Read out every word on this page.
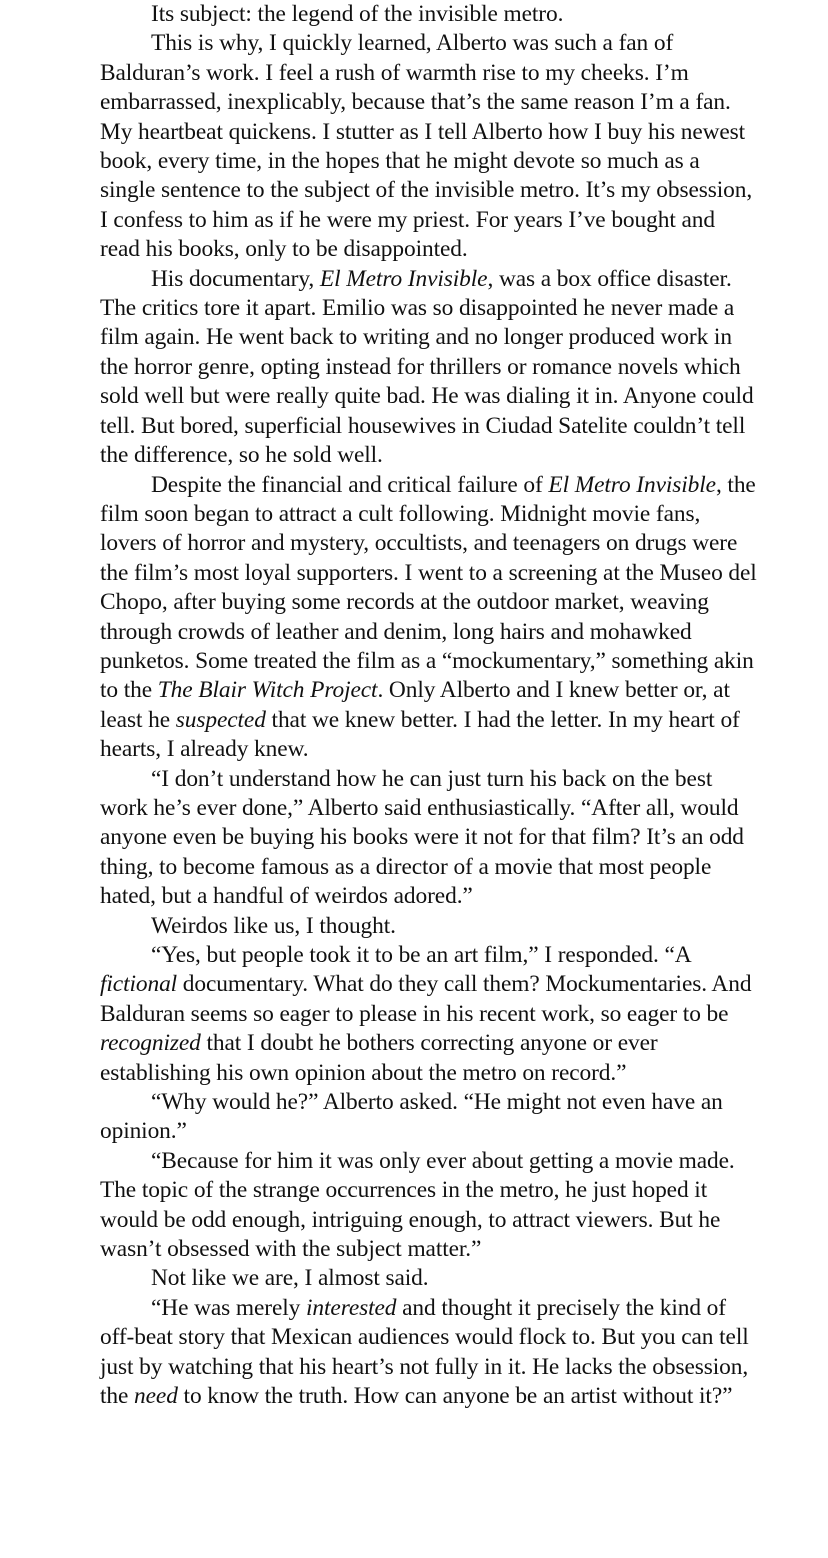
Its subject: the legend of the invisible metro.

This is why, I quickly learned, Alberto was such a fan of Balduran’s work. I feel a rush of warmth rise to my cheeks. I’m embarrassed, inexplicably, because that’s the same reason I’m a fan. My heartbeat quickens. I stutter as I tell Alberto how I buy his newest book, every time, in the hopes that he might devote so much as a single sentence to the subject of the invisible metro. It’s my obsession, I confess to him as if he were my priest. For years I’ve bought and read his books, only to be disappointed.

His documentary, El Metro Invisible, was a box office disaster. The critics tore it apart. Emilio was so disappointed he never made a film again. He went back to writing and no longer produced work in the horror genre, opting instead for thrillers or romance novels which sold well but were really quite bad. He was dialing it in. Anyone could tell. But bored, superficial housewives in Ciudad Satelite couldn’t tell the difference, so he sold well.

Despite the financial and critical failure of El Metro Invisible, the film soon began to attract a cult following. Midnight movie fans, lovers of horror and mystery, occultists, and teenagers on drugs were the film’s most loyal supporters. I went to a screening at the Museo del Chopo, after buying some records at the outdoor market, weaving through crowds of leather and denim, long hairs and mohawked punketos. Some treated the film as a “mockumentary,” something akin to the The Blair Witch Project. Only Alberto and I knew better or, at least he suspected that we knew better. I had the letter. In my heart of hearts, I already knew.

“I don’t understand how he can just turn his back on the best work he’s ever done,” Alberto said enthusiastically. “After all, would anyone even be buying his books were it not for that film? It’s an odd thing, to become famous as a director of a movie that most people hated, but a handful of weirdos adored.”

Weirdos like us, I thought.

“Yes, but people took it to be an art film,” I responded. “A fictional documentary. What do they call them? Mockumentaries. And Balduran seems so eager to please in his recent work, so eager to be recognized that I doubt he bothers correcting anyone or ever establishing his own opinion about the metro on record.”

“Why would he?” Alberto asked. “He might not even have an opinion.”

“Because for him it was only ever about getting a movie made. The topic of the strange occurrences in the metro, he just hoped it would be odd enough, intriguing enough, to attract viewers. But he wasn’t obsessed with the subject matter.”

Not like we are, I almost said.

“He was merely interested and thought it precisely the kind of off-beat story that Mexican audiences would flock to. But you can tell just by watching that his heart’s not fully in it. He lacks the obsession, the need to know the truth. How can anyone be an artist without it?”
